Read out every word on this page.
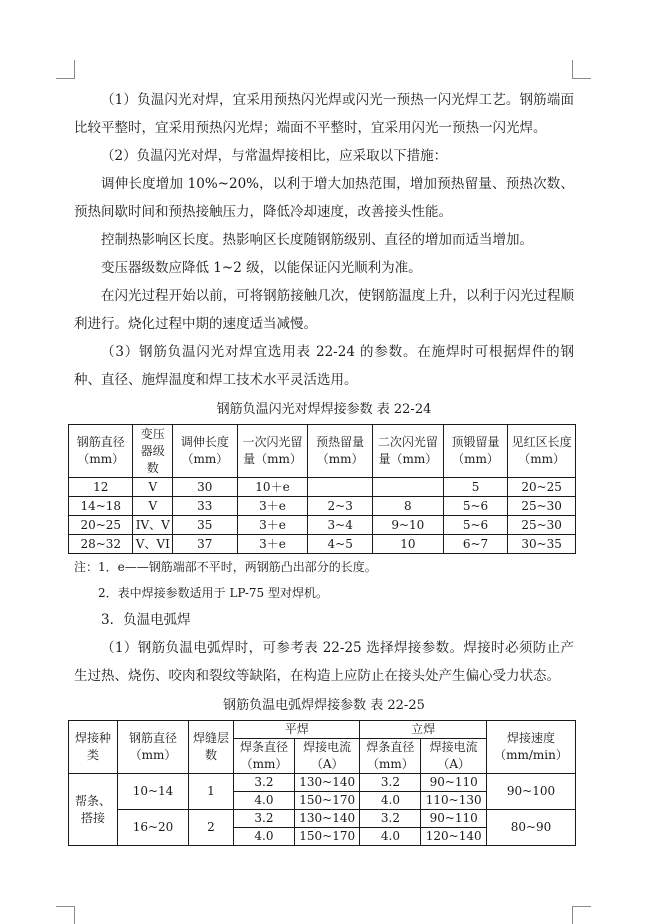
（1）负温闪光对焊，宜采用预热闪光焊或闪光一预热一闪光焊工艺。钢筋端面比较平整时，宜采用预热闪光焊；端面不平整时，宜采用闪光一预热一闪光焊。

（2）负温闪光对焊，与常温焊接相比，应采取以下措施：

调伸长度增加 10%~20%，以利于增大加热范围，增加预热留量、预热次数、预热间歇时间和预热接触压力，降低冷却速度，改善接头性能。

控制热影响区长度。热影响区长度随钢筋级别、直径的增加而适当增加。

变压器级数应降低 1~2 级，以能保证闪光顺利为准。

在闪光过程开始以前，可将钢筋接触几次，使钢筋温度上升，以利于闪光过程顺利进行。烧化过程中期的速度适当减慢。

（3）钢筋负温闪光对焊宜选用表 22-24 的参数。在施焊时可根据焊件的钢种、直径、施焊温度和焊工技术水平灵活选用。

钢筋负温闪光对焊焊接参数 表 22-24
钢筋直径（mm）	变压器级数	调伸长度（mm）	一次闪光留量（mm）	预热留量（mm）	二次闪光留量（mm）	顶锻留量（mm）	见红区长度（mm）
12	V	30	10＋e			5	20~25
14~18	V	33	3＋e	2~3	8	5~6	25~30
20~25	IV、V	35	3＋e	3~4	9~10	5~6	25~30
28~32	V、VI	37	3＋e	4~5	10	6~7	30~35

注：1．e——钢筋端部不平时，两钢筋凸出部分的长度。

2．表中焊接参数适用于 LP-75 型对焊机。

3．负温电弧焊

（1）钢筋负温电弧焊时，可参考表 22-25 选择焊接参数。焊接时必须防止产生过热、烧伤、咬肉和裂纹等缺陷，在构造上应防止在接头处产生偏心受力状态。

钢筋负温电弧焊焊接参数 表 22-25
焊接种类	钢筋直径（mm）	焊缝层数	平焊		立焊		焊接速度（mm/min）
			焊条直径（mm）	焊接电流（A）	焊条直径（mm）	焊接电流（A）	
帮条、搭接	10~14	1	3.2	130~140	3.2	90~110	90~100
			4.0	150~170	4.0	110~130	
	16~20	2	3.2	130~140	3.2	90~110	80~90
			4.0	150~170	4.0	120~140	
